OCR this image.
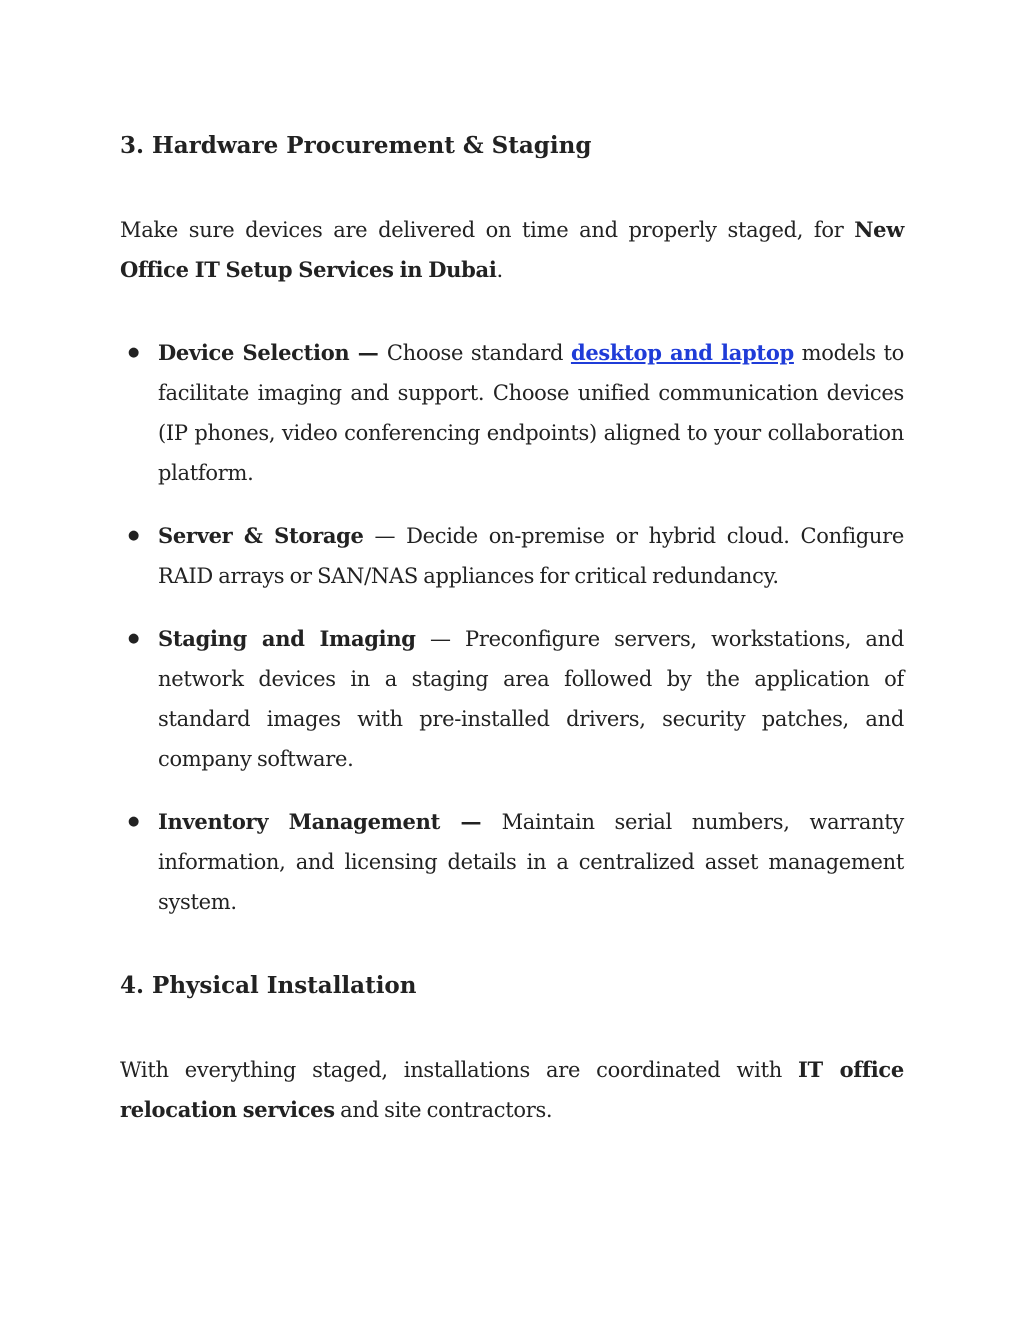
3. Hardware Procurement & Staging

Make sure devices are delivered on time and properly staged, for New Office IT Setup Services in Dubai.

● Device Selection — Choose standard desktop and laptop models to facilitate imaging and support. Choose unified communication devices (IP phones, video conferencing endpoints) aligned to your collaboration platform.
● Server & Storage — Decide on-premise or hybrid cloud. Configure RAID arrays or SAN/NAS appliances for critical redundancy.
● Staging and Imaging — Preconfigure servers, workstations, and network devices in a staging area followed by the application of standard images with pre-installed drivers, security patches, and company software.
● Inventory Management — Maintain serial numbers, warranty information, and licensing details in a centralized asset management system.
4. Physical Installation

With everything staged, installations are coordinated with IT office relocation services and site contractors.
